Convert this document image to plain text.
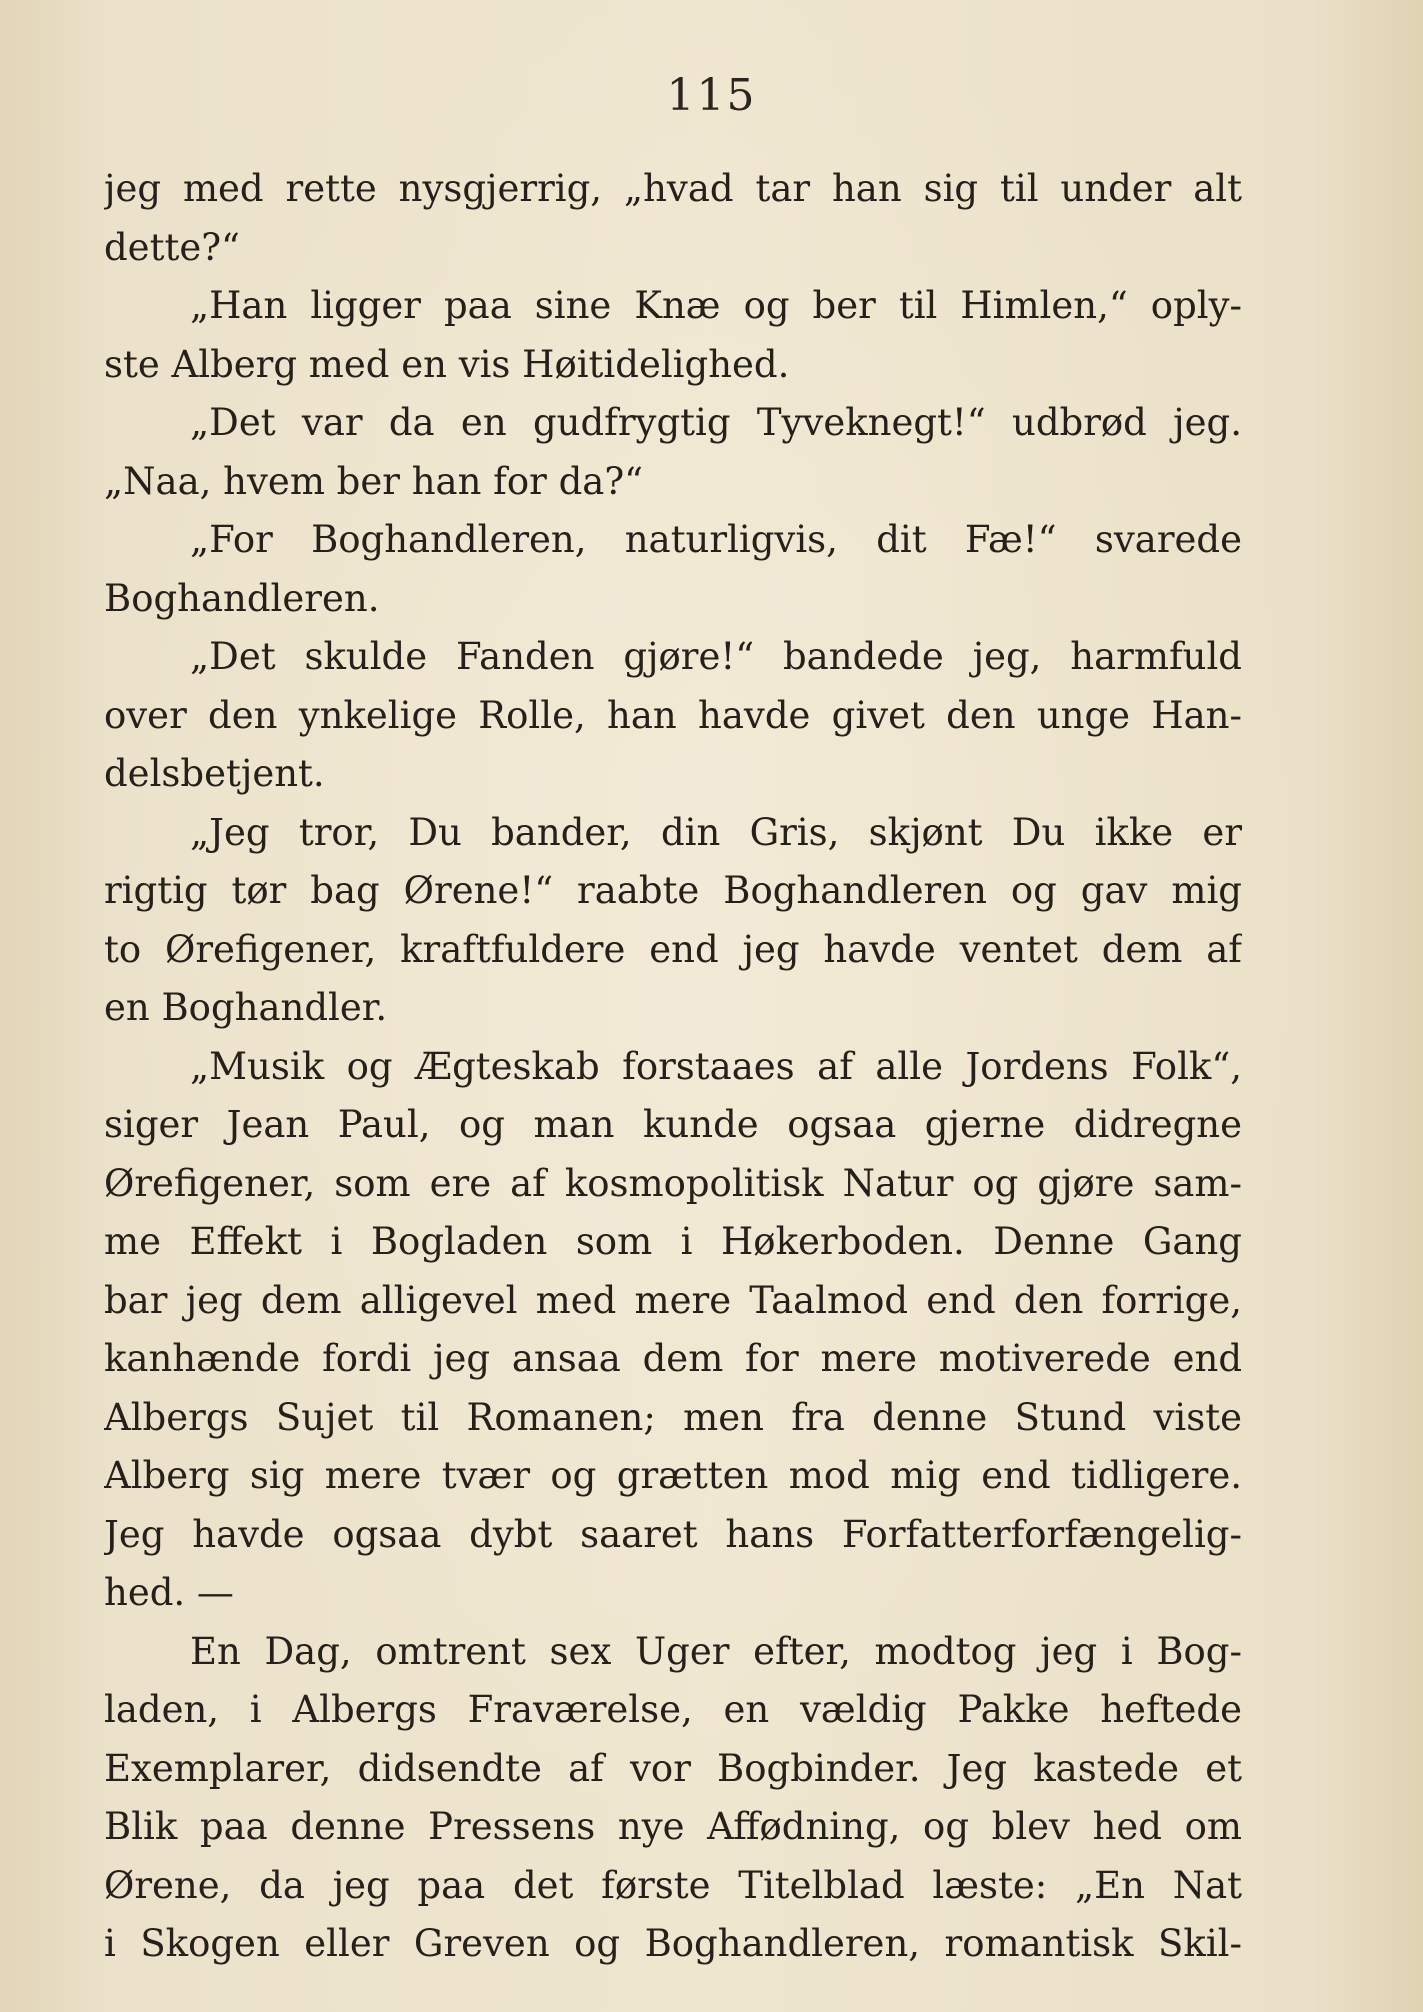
115
jeg med rette nysgjerrig, „hvad tar han sig til under alt
dette?“
„Han ligger paa sine Knæ og ber til Himlen,“ oply-
ste Alberg med en vis Høitidelighed.
„Det var da en gudfrygtig Tyveknegt!“ udbrød jeg.
„Naa, hvem ber han for da?“
„For Boghandleren, naturligvis, dit Fæ!“ svarede
Boghandleren.
„Det skulde Fanden gjøre!“ bandede jeg, harmfuld
over den ynkelige Rolle, han havde givet den unge Han-
delsbetjent.
„Jeg tror, Du bander, din Gris, skjønt Du ikke er
rigtig tør bag Ørene!“ raabte Boghandleren og gav mig
to Ørefigener, kraftfuldere end jeg havde ventet dem af
en Boghandler.
„Musik og Ægteskab forstaaes af alle Jordens Folk“,
siger Jean Paul, og man kunde ogsaa gjerne didregne
Ørefigener, som ere af kosmopolitisk Natur og gjøre sam-
me Effekt i Bogladen som i Høkerboden. Denne Gang
bar jeg dem alligevel med mere Taalmod end den forrige,
kanhænde fordi jeg ansaa dem for mere motiverede end
Albergs Sujet til Romanen; men fra denne Stund viste
Alberg sig mere tvær og grætten mod mig end tidligere.
Jeg havde ogsaa dybt saaret hans Forfatterforfængelig-
hed. —
En Dag, omtrent sex Uger efter, modtog jeg i Bog-
laden, i Albergs Fraværelse, en vældig Pakke heftede
Exemplarer, didsendte af vor Bogbinder. Jeg kastede et
Blik paa denne Pressens nye Affødning, og blev hed om
Ørene, da jeg paa det første Titelblad læste: „En Nat
i Skogen eller Greven og Boghandleren, romantisk Skil-
